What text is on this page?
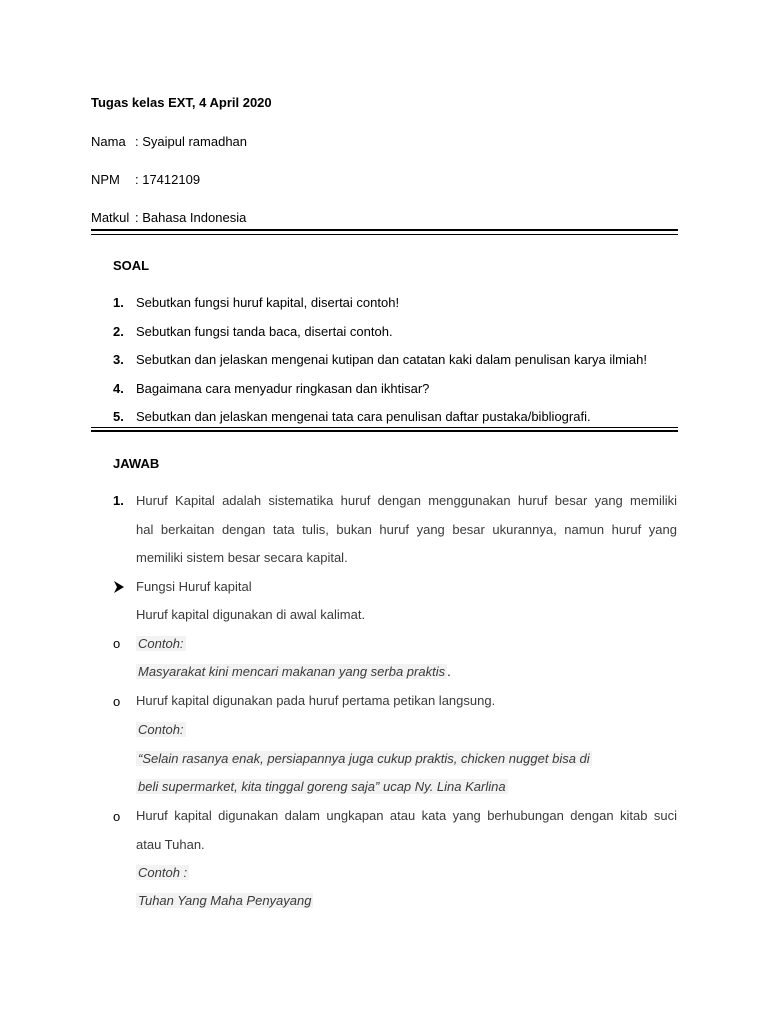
Tugas kelas EXT, 4 April 2020
Nama : Syaipul ramadhan
NPM : 17412109
Matkul : Bahasa Indonesia
SOAL
1. Sebutkan fungsi huruf kapital, disertai contoh!
2. Sebutkan fungsi tanda baca, disertai contoh.
3. Sebutkan dan jelaskan mengenai kutipan dan catatan kaki dalam penulisan karya ilmiah!
4. Bagaimana cara menyadur ringkasan dan ikhtisar?
5. Sebutkan dan jelaskan mengenai tata cara penulisan daftar pustaka/bibliografi.
JAWAB
1. Huruf Kapital adalah sistematika huruf dengan menggunakan huruf besar yang memiliki
hal berkaitan dengan tata tulis, bukan huruf yang besar ukurannya, namun huruf yang
memiliki sistem besar secara kapital.
Fungsi Huruf kapital
Huruf kapital digunakan di awal kalimat.
o Contoh:
Masyarakat kini mencari makanan yang serba praktis .
o Huruf kapital digunakan pada huruf pertama petikan langsung.
Contoh:
“Selain rasanya enak, persiapannya juga cukup praktis, chicken nugget bisa di
beli supermarket, kita tinggal goreng saja” ucap Ny. Lina Karlina
o Huruf kapital digunakan dalam ungkapan atau kata yang berhubungan dengan kitab suci
atau Tuhan.
Contoh :
Tuhan Yang Maha Penyayang
